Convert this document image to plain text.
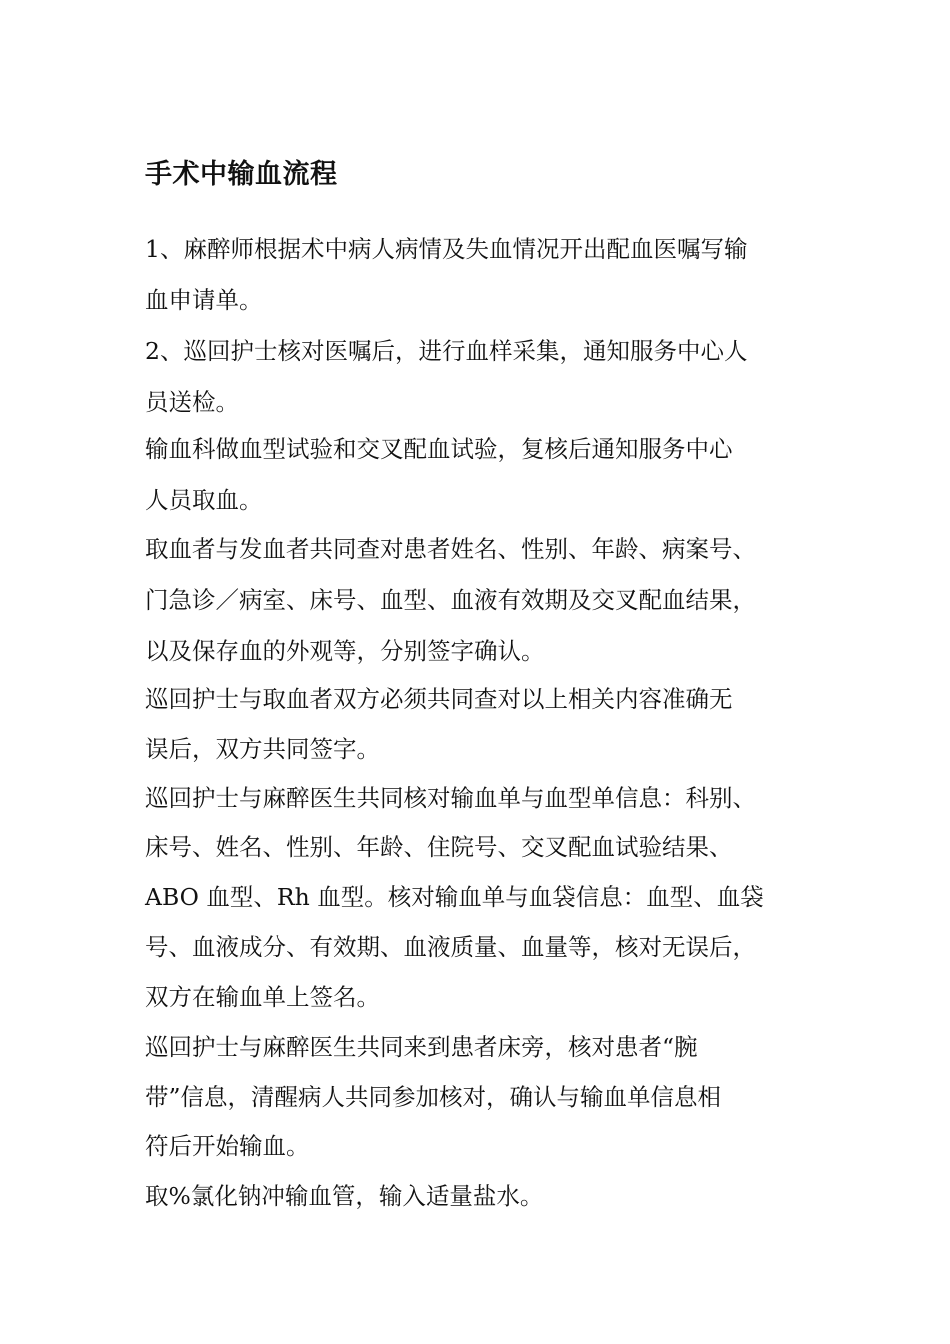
手术中输血流程
1、麻醉师根据术中病人病情及失血情况开出配血医嘱写输
血申请单。
2、巡回护士核对医嘱后，进行血样采集，通知服务中心人
员送检。
输血科做血型试验和交叉配血试验，复核后通知服务中心
人员取血。
取血者与发血者共同查对患者姓名、性别、年龄、病案号、
门急诊／病室、床号、血型、血液有效期及交叉配血结果，
以及保存血的外观等，分别签字确认。
巡回护士与取血者双方必须共同查对以上相关内容准确无
误后，双方共同签字。
巡回护士与麻醉医生共同核对输血单与血型单信息：科别、
床号、姓名、性别、年龄、住院号、交叉配血试验结果、
ABO 血型、Rh 血型。核对输血单与血袋信息：血型、血袋
号、血液成分、有效期、血液质量、血量等，核对无误后，
双方在输血单上签名。
巡回护士与麻醉医生共同来到患者床旁，核对患者“腕
带”信息，清醒病人共同参加核对，确认与输血单信息相
符后开始输血。
取%氯化钠冲输血管，输入适量盐水。
